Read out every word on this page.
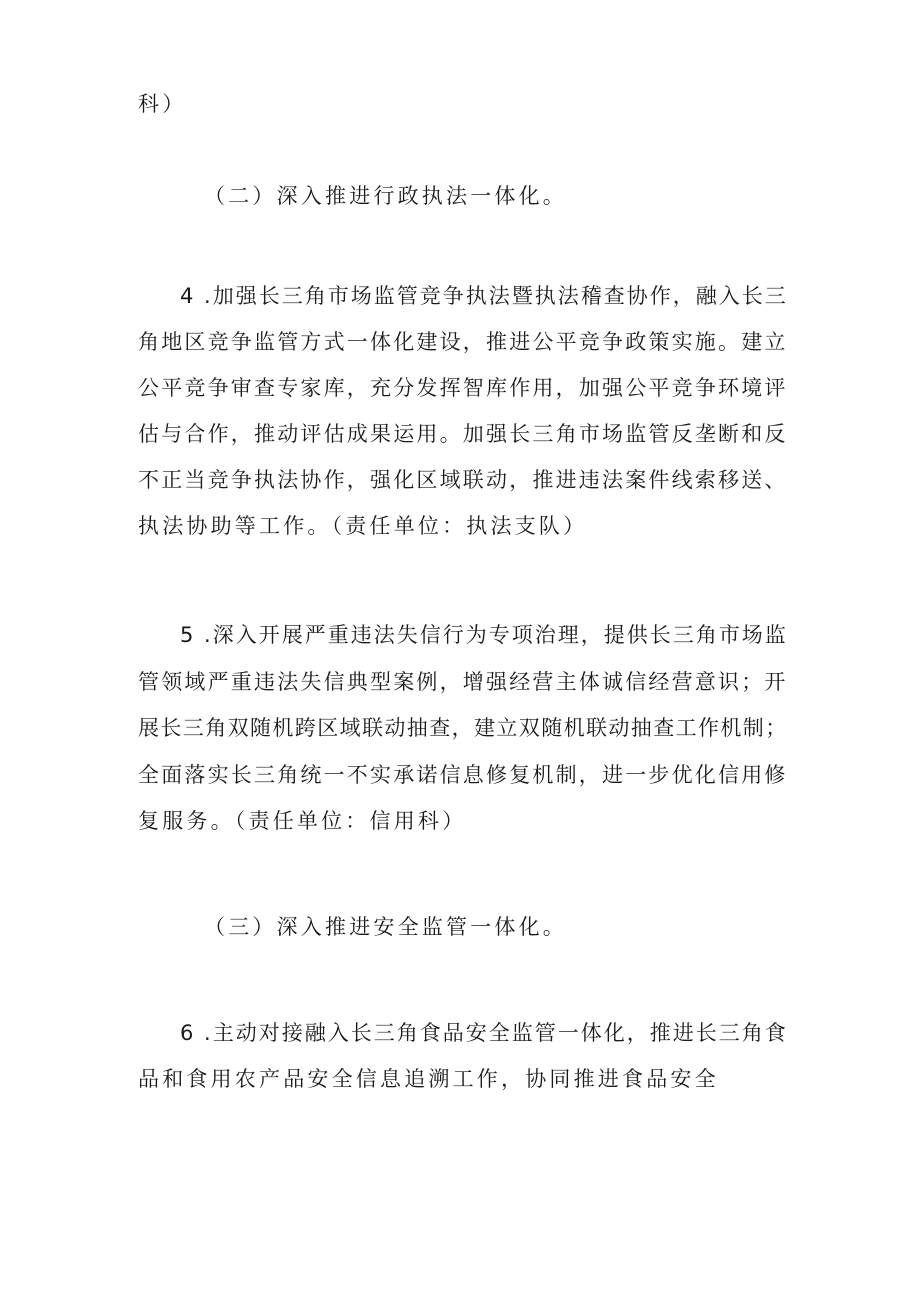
科）
（二）深入推进行政执法一体化。
4 .加强长三角市场监管竞争执法暨执法稽查协作，融入长三
角地区竞争监管方式一体化建设，推进公平竞争政策实施。建立
公平竞争审查专家库，充分发挥智库作用，加强公平竞争环境评
估与合作，推动评估成果运用。加强长三角市场监管反垄断和反
不正当竞争执法协作，强化区域联动，推进违法案件线索移送、
执法协助等工作。（责任单位：执法支队）
5 .深入开展严重违法失信行为专项治理，提供长三角市场监
管领域严重违法失信典型案例，增强经营主体诚信经营意识；开
展长三角双随机跨区域联动抽查，建立双随机联动抽查工作机制；
全面落实长三角统一不实承诺信息修复机制，进一步优化信用修
复服务。（责任单位：信用科）
（三）深入推进安全监管一体化。
6 .主动对接融入长三角食品安全监管一体化，推进长三角食
品和食用农产品安全信息追溯工作，协同推进食品安全
